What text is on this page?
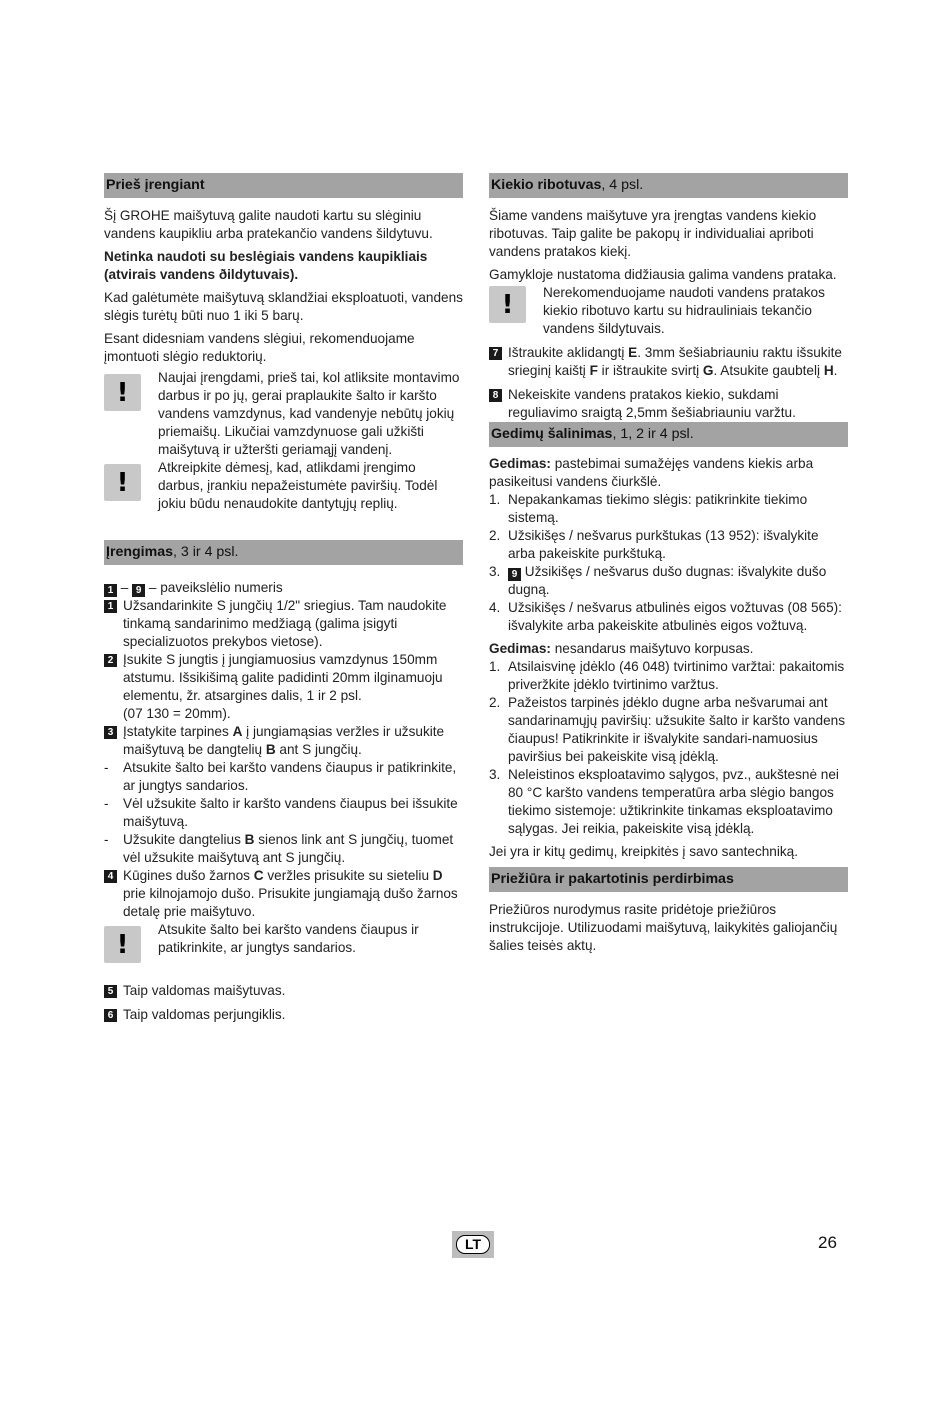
Prieš įrengiant

Šį GROHE maišytuvą galite naudoti kartu su slėginiu vandens kaupikliu arba pratekančio vandens šildytuvu.

Netinka naudoti su beslėgiais vandens kaupikliais (atvirais vandens ðildytuvais).

Kad galėtumėte maišytuvą sklandžiai eksploatuoti, vandens slėgis turėtų būti nuo 1 iki 5 barų.

Esant didesniam vandens slėgiui, rekomenduojame įmontuoti slėgio reduktorių.

!
Naujai įrengdami, prieš tai, kol atliksite montavimo darbus ir po jų, gerai praplaukite šalto ir karšto vandens vamzdynus, kad vandenyje nebūtų jokių priemaišų. Likučiai vamzdynuose gali užkišti maišytuvą ir užteršti geriamąjį vandenį.
!
Atkreipkite dėmesį, kad, atlikdami įrengimo darbus, įrankiu nepažeistumėte paviršių. Todėl jokiu būdu nenaudokite dantytųjų replių.
Įrengimas, 3 ir 4 psl.
1 – 9 – paveikslėlio numeris
1 Užsandarinkite S jungčių 1/2" sriegius. Tam naudokite tinkamą sandarinimo medžiagą (galima įsigyti specializuotos prekybos vietose).
2 Įsukite S jungtis į jungiamuosius vamzdynus 150mm atstumu. Išsikišimą galite padidinti 20mm ilginamuoju elementu, žr. atsargines dalis, 1 ir 2 psl.
(07 130 = 20mm).
3 Įstatykite tarpines A į jungiamąsias veržles ir užsukite maišytuvą be dangtelių B ant S jungčių.
- Atsukite šalto bei karšto vandens čiaupus ir patikrinkite, ar jungtys sandarios.
- Vėl užsukite šalto ir karšto vandens čiaupus bei išsukite maišytuvą.
- Užsukite dangtelius B sienos link ant S jungčių, tuomet vėl užsukite maišytuvą ant S jungčių.
4 Kūgines dušo žarnos C veržles prisukite su sieteliu D prie kilnojamojo dušo. Prisukite jungiamąją dušo žarnos detalę prie maišytuvo.
!
Atsukite šalto bei karšto vandens čiaupus ir patikrinkite, ar jungtys sandarios.
5 Taip valdomas maišytuvas.
6 Taip valdomas perjungiklis.
Kiekio ribotuvas, 4 psl.

Šiame vandens maišytuve yra įrengtas vandens kiekio ribotuvas. Taip galite be pakopų ir individualiai apriboti vandens pratakos kiekį.

Gamykloje nustatoma didžiausia galima vandens prataka.

!
Nerekomenduojame naudoti vandens pratakos kiekio ribotuvo kartu su hidrauliniais tekančio vandens šildytuvais.
7 Ištraukite aklidangtį E. 3mm šešiabriauniu raktu išsukite srieginį kaištį F ir ištraukite svirtį G. Atsukite gaubtelį H.
8 Nekeiskite vandens pratakos kiekio, sukdami reguliavimo sraigtą 2,5mm šešiabriauniu varžtu.
Gedimų šalinimas, 1, 2 ir 4 psl.
Gedimas: pastebimai sumažėjęs vandens kiekis arba pasikeitusi vandens čiurkšlė.
1. Nepakankamas tiekimo slėgis: patikrinkite tiekimo sistemą.
2. Užsikišęs / nešvarus purkštukas (13 952): išvalykite arba pakeiskite purkštuką.
3. 9 Užsikišęs / nešvarus dušo dugnas: išvalykite dušo dugną.
4. Užsikišęs / nešvarus atbulinės eigos vožtuvas (08 565): išvalykite arba pakeiskite atbulinės eigos vožtuvą.
Gedimas: nesandarus maišytuvo korpusas.
1. Atsilaisvinę įdėklo (46 048) tvirtinimo varžtai: pakaitomis priveržkite įdėklo tvirtinimo varžtus.
2. Pažeistos tarpinės įdėklo dugne arba nešvarumai ant sandarinamųjų paviršių: užsukite šalto ir karšto vandens čiaupus! Patikrinkite ir išvalykite sandari-namuosius paviršius bei pakeiskite visą įdėklą.
3. Neleistinos eksploatavimo sąlygos, pvz., aukštesnė nei 80 °C karšto vandens temperatūra arba slėgio bangos tiekimo sistemoje: užtikrinkite tinkamas eksploatavimo sąlygas. Jei reikia, pakeiskite visą įdėklą.

Jei yra ir kitų gedimų, kreipkitės į savo santechniką.

Priežiūra ir pakartotinis perdirbimas

Priežiūros nurodymus rasite pridėtoje priežiūros instrukcijoje. Utilizuodami maišytuvą, laikykitės galiojančių šalies teisės aktų.

LT	26
